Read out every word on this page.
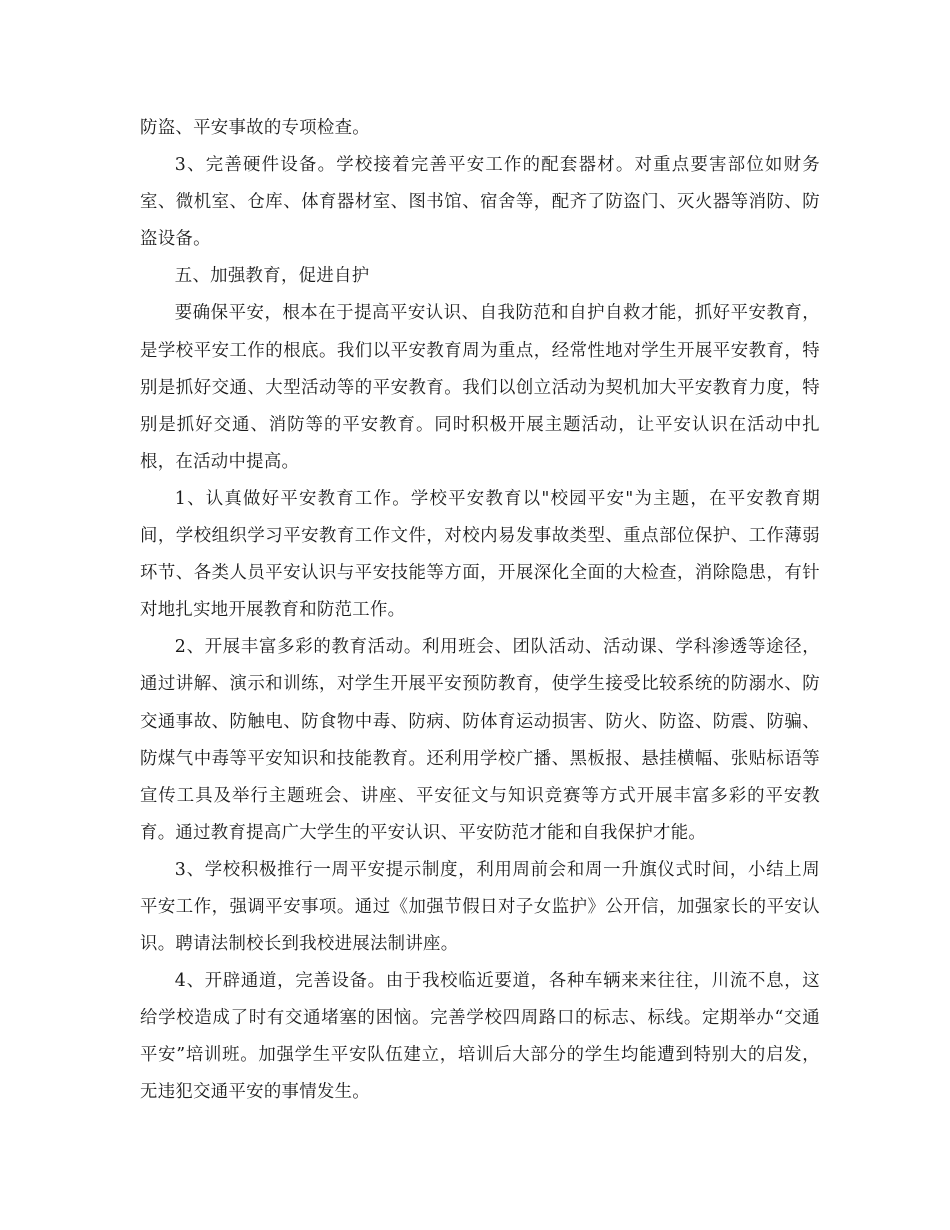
防盗、平安事故的专项检查。

3、完善硬件设备。学校接着完善平安工作的配套器材。对重点要害部位如财务室、微机室、仓库、体育器材室、图书馆、宿舍等，配齐了防盗门、灭火器等消防、防盗设备。

五、加强教育，促进自护

要确保平安，根本在于提高平安认识、自我防范和自护自救才能，抓好平安教育，是学校平安工作的根底。我们以平安教育周为重点，经常性地对学生开展平安教育，特别是抓好交通、大型活动等的平安教育。我们以创立活动为契机加大平安教育力度，特别是抓好交通、消防等的平安教育。同时积极开展主题活动，让平安认识在活动中扎根，在活动中提高。

1、认真做好平安教育工作。学校平安教育以"校园平安"为主题，在平安教育期间，学校组织学习平安教育工作文件，对校内易发事故类型、重点部位保护、工作薄弱环节、各类人员平安认识与平安技能等方面，开展深化全面的大检查，消除隐患，有针对地扎实地开展教育和防范工作。

2、开展丰富多彩的教育活动。利用班会、团队活动、活动课、学科渗透等途径，通过讲解、演示和训练，对学生开展平安预防教育，使学生接受比较系统的防溺水、防交通事故、防触电、防食物中毒、防病、防体育运动损害、防火、防盗、防震、防骗、防煤气中毒等平安知识和技能教育。还利用学校广播、黑板报、悬挂横幅、张贴标语等宣传工具及举行主题班会、讲座、平安征文与知识竞赛等方式开展丰富多彩的平安教育。通过教育提高广大学生的平安认识、平安防范才能和自我保护才能。

3、学校积极推行一周平安提示制度，利用周前会和周一升旗仪式时间，小结上周平安工作，强调平安事项。通过《加强节假日对子女监护》公开信，加强家长的平安认识。聘请法制校长到我校进展法制讲座。

4、开辟通道，完善设备。由于我校临近要道，各种车辆来来往往，川流不息，这给学校造成了时有交通堵塞的困恼。完善学校四周路口的标志、标线。定期举办“交通平安”培训班。加强学生平安队伍建立，培训后大部分的学生均能遭到特别大的启发，无违犯交通平安的事情发生。
